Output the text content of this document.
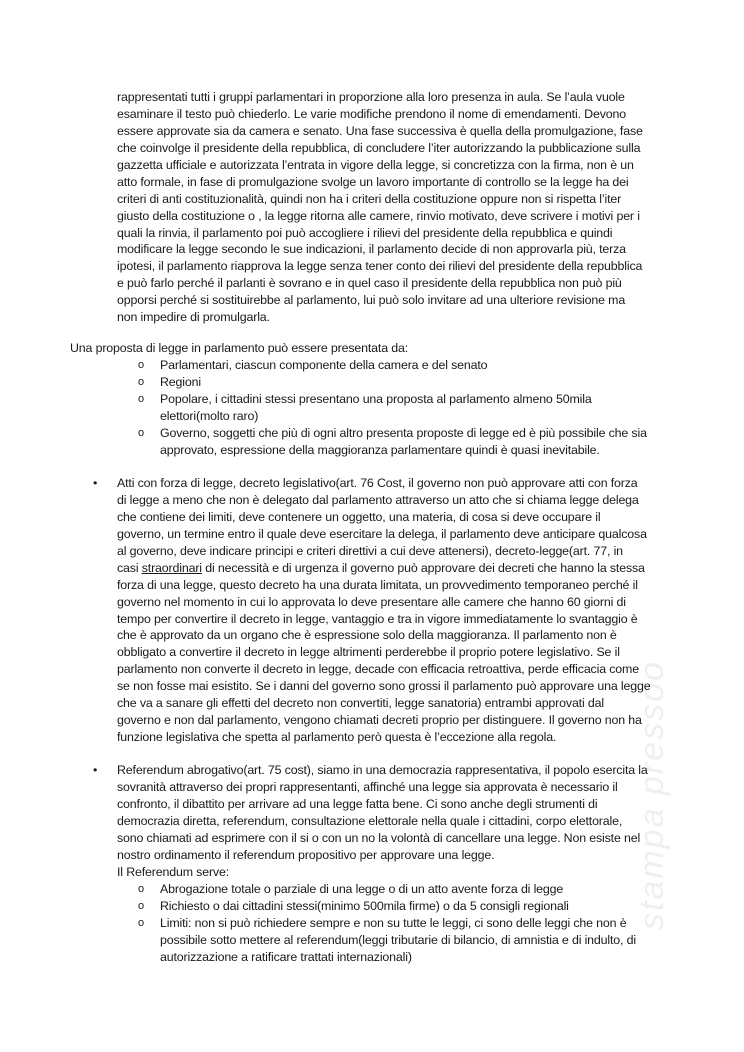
rappresentati tutti i gruppi parlamentari in proporzione alla loro presenza in aula. Se l’aula vuole
esaminare il testo può chiederlo. Le varie modifiche prendono il nome di emendamenti. Devono
essere approvate sia da camera e senato. Una fase successiva è quella della promulgazione, fase
che coinvolge il presidente della repubblica, di concludere l’iter autorizzando la pubblicazione sulla
gazzetta ufficiale e autorizzata l’entrata in vigore della legge, si concretizza con la firma, non è un
atto formale, in fase di promulgazione svolge un lavoro importante di controllo se la legge ha dei
criteri di anti costituzionalità, quindi non ha i criteri della costituzione oppure non si rispetta l’iter
giusto della costituzione o , la legge ritorna alle camere, rinvio motivato, deve scrivere i motivi per i
quali la rinvia, il parlamento poi può accogliere i rilievi del presidente della repubblica e quindi
modificare la legge secondo le sue indicazioni, il parlamento decide di non approvarla più, terza
ipotesi, il parlamento riapprova la legge senza tener conto dei rilievi del presidente della repubblica
e può farlo perché il parlanti è sovrano e in quel caso il presidente della repubblica non può più
opporsi perché si sostituirebbe al parlamento, lui può solo invitare ad una ulteriore revisione ma
non impedire di promulgarla.
Una proposta di legge in parlamento può essere presentata da:
Parlamentari, ciascun componente della camera e del senato
Regioni
Popolare, i cittadini stessi presentano una proposta al parlamento almeno 50mila
elettori(molto raro)
Governo, soggetti che più di ogni altro presenta proposte di legge ed è più possibile che sia
approvato, espressione della maggioranza parlamentare quindi è quasi inevitabile.
o
o
o
o
• Atti con forza di legge, decreto legislativo(art. 76 Cost, il governo non può approvare atti con forza
di legge a meno che non è delegato dal parlamento attraverso un atto che si chiama legge delega
che contiene dei limiti, deve contenere un oggetto, una materia, di cosa si deve occupare il
governo, un termine entro il quale deve esercitare la delega, il parlamento deve anticipare qualcosa
al governo, deve indicare principi e criteri direttivi a cui deve attenersi), decreto-legge(art. 77, in
casi straordinari di necessità e di urgenza il governo può approvare dei decreti che hanno la stessa
forza di una legge, questo decreto ha una durata limitata, un provvedimento temporaneo perché il
governo nel momento in cui lo approvata lo deve presentare alle camere che hanno 60 giorni di
tempo per convertire il decreto in legge, vantaggio e tra in vigore immediatamente lo svantaggio è
che è approvato da un organo che è espressione solo della maggioranza. Il parlamento non è
obbligato a convertire il decreto in legge altrimenti perderebbe il proprio potere legislativo. Se il
parlamento non converte il decreto in legge, decade con efficacia retroattiva, perde efficacia come
se non fosse mai esistito. Se i danni del governo sono grossi il parlamento può approvare una legge
che va a sanare gli effetti del decreto non convertiti, legge sanatoria) entrambi approvati dal
governo e non dal parlamento, vengono chiamati decreti proprio per distinguere. Il governo non ha
funzione legislativa che spetta al parlamento però questa è l’eccezione alla regola.
• Referendum abrogativo(art. 75 cost), siamo in una democrazia rappresentativa, il popolo esercita la
sovranità attraverso dei propri rappresentanti, affinché una legge sia approvata è necessario il
confronto, il dibattito per arrivare ad una legge fatta bene. Ci sono anche degli strumenti di
democrazia diretta, referendum, consultazione elettorale nella quale i cittadini, corpo elettorale,
sono chiamati ad esprimere con il si o con un no la volontà di cancellare una legge. Non esiste nel
nostro ordinamento il referendum propositivo per approvare una legge.
Il Referendum serve:
o Abrogazione totale o parziale di una legge o di un atto avente forza di legge
o Richiesto o dai cittadini stessi(minimo 500mila firme) o da 5 consigli regionali
o Limiti: non si può richiedere sempre e non su tutte le leggi, ci sono delle leggi che non è
possibile sotto mettere al referendum(leggi tributarie di bilancio, di amnistia e di indulto, di
autorizzazione a ratificare trattati internazionali)
stampa pressoo
